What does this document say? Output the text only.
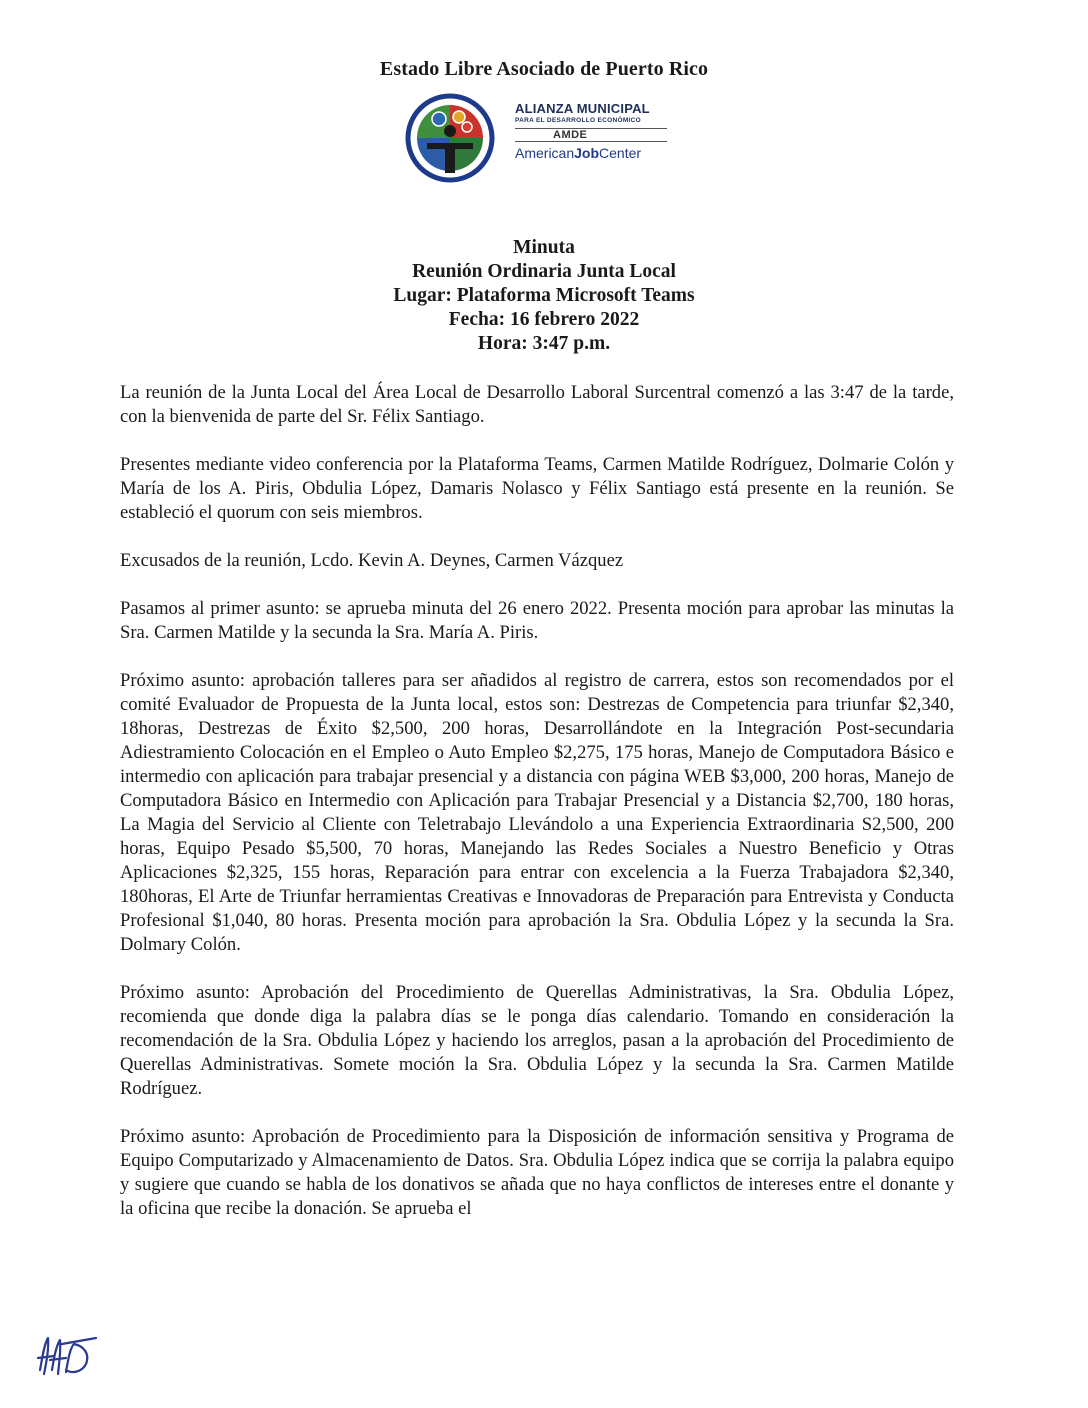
Estado Libre Asociado de Puerto Rico
ALIANZA MUNICIPAL
PARA EL DESARROLLO ECONÓMICO
AMDE
AmericanJobCenter
Minuta
Reunión Ordinaria Junta Local
Lugar: Plataforma Microsoft Teams
Fecha: 16 febrero 2022
Hora: 3:47 p.m.

La reunión de la Junta Local del Área Local de Desarrollo Laboral Surcentral comenzó a las 3:47 de la tarde, con la bienvenida de parte del Sr. Félix Santiago.

Presentes mediante video conferencia por la Plataforma Teams, Carmen Matilde Rodríguez, Dolmarie Colón y María de los A. Piris, Obdulia López, Damaris Nolasco y Félix Santiago está presente en la reunión. Se estableció el quorum con seis miembros.

Excusados de la reunión, Lcdo. Kevin A. Deynes, Carmen Vázquez

Pasamos al primer asunto: se aprueba minuta del 26 enero 2022. Presenta moción para aprobar las minutas la Sra. Carmen Matilde y la secunda la Sra. María A. Piris.

Próximo asunto: aprobación talleres para ser añadidos al registro de carrera, estos son recomendados por el comité Evaluador de Propuesta de la Junta local, estos son: Destrezas de Competencia para triunfar $2,340, 18horas, Destrezas de Éxito $2,500, 200 horas, Desarrollándote en la Integración Post-secundaria Adiestramiento Colocación en el Empleo o Auto Empleo $2,275, 175 horas, Manejo de Computadora Básico e intermedio con aplicación para trabajar presencial y a distancia con página WEB $3,000, 200 horas, Manejo de Computadora Básico en Intermedio con Aplicación para Trabajar Presencial y a Distancia $2,700, 180 horas, La Magia del Servicio al Cliente con Teletrabajo Llevándolo a una Experiencia Extraordinaria S2,500, 200 horas, Equipo Pesado $5,500, 70 horas, Manejando las Redes Sociales a Nuestro Beneficio y Otras Aplicaciones $2,325, 155 horas, Reparación para entrar con excelencia a la Fuerza Trabajadora $2,340, 180horas, El Arte de Triunfar herramientas Creativas e Innovadoras de Preparación para Entrevista y Conducta Profesional $1,040, 80 horas. Presenta moción para aprobación la Sra. Obdulia López y la secunda la Sra. Dolmary Colón.

Próximo asunto: Aprobación del Procedimiento de Querellas Administrativas, la Sra. Obdulia López, recomienda que donde diga la palabra días se le ponga días calendario. Tomando en consideración la recomendación de la Sra. Obdulia López y haciendo los arreglos, pasan a la aprobación del Procedimiento de Querellas Administrativas. Somete moción la Sra. Obdulia López y la secunda la Sra. Carmen Matilde Rodríguez.

Próximo asunto: Aprobación de Procedimiento para la Disposición de información sensitiva y Programa de Equipo Computarizado y Almacenamiento de Datos. Sra. Obdulia López indica que se corrija la palabra equipo y sugiere que cuando se habla de los donativos se añada que no haya conflictos de intereses entre el donante y la oficina que recibe la donación. Se aprueba el
